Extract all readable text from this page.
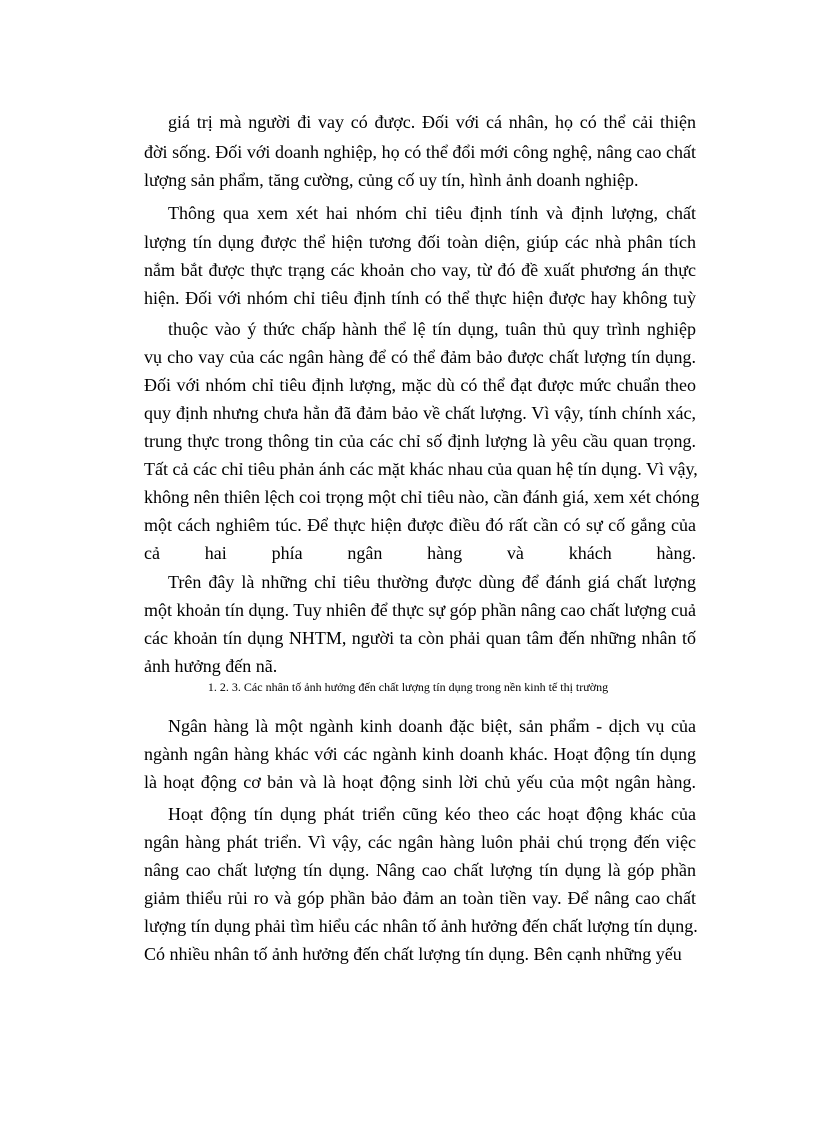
giá trị mà người đi vay có được. Đối với cá nhân, họ có thể cải thiện
đời sống. Đối với doanh nghiệp, họ có thể đổi mới công nghệ, nâng cao chất
lượng sản phẩm, tăng cường, củng cố uy tín, hình ảnh doanh nghiệp.
Thông qua xem xét hai nhóm chỉ tiêu định tính và định lượng, chất
lượng tín dụng được thể hiện tương đối toàn diện, giúp các nhà phân tích
nắm bắt được thực trạng các khoản cho vay, từ đó đề xuất phương án thực
hiện. Đối với nhóm chỉ tiêu định tính có thể thực hiện được hay không tuỳ
thuộc vào ý thức chấp hành thể lệ tín dụng, tuân thủ quy trình nghiệp
vụ cho vay của các ngân hàng để có thể đảm bảo được chất lượng tín dụng.
Đối với nhóm chỉ tiêu định lượng, mặc dù có thể đạt được mức chuẩn theo
quy định nhưng chưa hẳn đã đảm bảo về chất lượng. Vì vậy, tính chính xác,
trung thực trong thông tin của các chỉ số định lượng là yêu cầu quan trọng.
Tất cả các chỉ tiêu phản ánh các mặt khác nhau của quan hệ tín dụng. Vì vậy,
không nên thiên lệch coi trọng một chỉ tiêu nào, cần đánh giá, xem xét chóng
một cách nghiêm túc. Để thực hiện được điều đó rất cần có sự cố gắng của
cả hai phía ngân hàng và khách hàng.
Trên đây là những chỉ tiêu thường được dùng để đánh giá chất lượng
một khoản tín dụng. Tuy nhiên để thực sự góp phần nâng cao chất lượng cuả
các khoản tín dụng NHTM, người ta còn phải quan tâm đến những nhân tố
ảnh hưởng đến nã.
1. 2. 3. Các nhân tố ảnh hưởng đến chất lượng tín dụng trong nền kinh tế thị trường
Ngân hàng là một ngành kinh doanh đặc biệt, sản phẩm - dịch vụ của
ngành ngân hàng khác với các ngành kinh doanh khác. Hoạt động tín dụng
là hoạt động cơ bản và là hoạt động sinh lời chủ yếu của một ngân hàng.
Hoạt động tín dụng phát triển cũng kéo theo các hoạt động khác của
ngân hàng phát triển. Vì vậy, các ngân hàng luôn phải chú trọng đến việc
nâng cao chất lượng tín dụng. Nâng cao chất lượng tín dụng là góp phần
giảm thiểu rủi ro và góp phần bảo đảm an toàn tiền vay. Để nâng cao chất
lượng tín dụng phải tìm hiểu các nhân tố ảnh hưởng đến chất lượng tín dụng.
Có nhiều nhân tố ảnh hưởng đến chất lượng tín dụng. Bên cạnh những yếu
